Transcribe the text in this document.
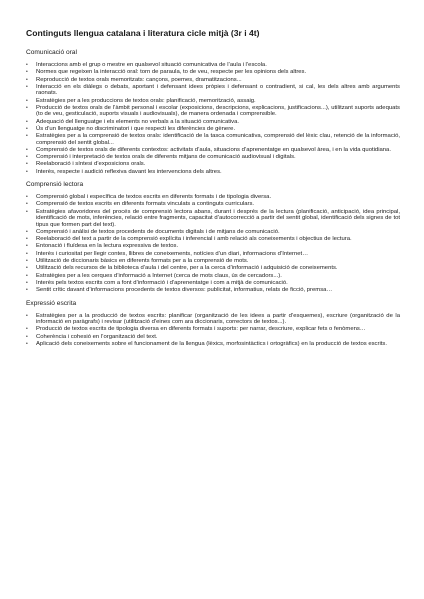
Continguts llengua catalana i literatura cicle mitjà (3r i 4t)
Comunicació oral
• Interaccions amb el grup o mestre en qualsevol situació comunicativa de l’aula i l’escola.
• Normes que regeixen la interacció oral: torn de paraula, to de veu, respecte per les opinions dels altres.
• Reproducció de textos orals memoritzats: cançons, poemes, dramatitzacions...
• Interacció en els diàlegs o debats, aportant i defensant idees pròpies i defensant o contradient, si cal, les dels altres amb arguments raonats.
• Estratègies per a les produccions de textos orals: planificació, memorització, assaig.
• Producció de textos orals de l’àmbit personal i escolar (exposicions, descripcions, explicacions, justificacions...), utilitzant suports adequats (to de veu, gesticulació, suports visuals i audiovisuals), de manera ordenada i comprensible.
• Adequació del llenguatge i els elements no verbals a la situació comunicativa.
• Ús d’un llenguatge no discriminatori i que respecti les diferències de gènere.
• Estratègies per a la comprensió de textos orals: identificació de la tasca comunicativa, comprensió del lèxic clau, retenció de la informació, comprensió del sentit global...
• Comprensió de textos orals de diferents contextos: activitats d’aula, situacions d’aprenentatge en qualsevol àrea, i en la vida quotidiana.
• Comprensió i interpretació de textos orals de diferents mitjans de comunicació audiovisual i digitals.
• Reelaboració i síntesi d’exposicions orals.
• Interès, respecte i audició reflexiva davant les intervencions dels altres.
Comprensió lectora
• Comprensió global i específica de textos escrits en diferents formats i de tipologia diversa.
• Comprensió de textos escrits en diferents formats vinculats a continguts curriculars.
• Estratègies afavoridores del procés de comprensió lectora abans, durant i després de la lectura (planificació, anticipació, idea principal, identificació de mots, inferències, relació entre fragments, capacitat d’autocorrecció a partir del sentit global, identificació dels signes de tot tipus que formen part del text).
• Comprensió i anàlisi de textos procedents de documents digitals i de mitjans de comunicació.
• Reelaboració del text a partir de la comprensió explícita i inferencial i amb relació als coneixements i objectius de lectura.
• Entonació i fluïdesa en la lectura expressiva de textos.
• Interès i curiositat per llegir contes, llibres de coneixements, notícies d’un diari, informacions d’Internet…
• Utilització de diccionaris bàsics en diferents formats per a la comprensió de mots.
• Utilització dels recursos de la biblioteca d’aula i del centre, per a la cerca d’informació i adquisició de coneixements.
• Estratègies per a les cerques d’informació a Internet (cerca de mots claus, ús de cercadors...).
• Interès pels textos escrits com a font d’informació i d’aprenentatge i com a mitjà de comunicació.
• Sentit crític davant d’informacions procedents de textos diversos: publicitat, informatius, relats de ficció, premsa…
Expressió escrita
• Estratègies per a la producció de textos escrits: planificar (organització de les idees a partir d’esquemes), escriure (organització de la informació en paràgrafs) i revisar (utilització d’eines com ara diccionaris, correctors de textos...).
• Producció de textos escrits de tipologia diversa en diferents formats i suports: per narrar, descriure, explicar fets o fenòmens…
• Coherència i cohesió en l’organització del text.
• Aplicació dels coneixements sobre el funcionament de la llengua (lèxics, morfosintàctics i ortogràfics) en la producció de textos escrits.
